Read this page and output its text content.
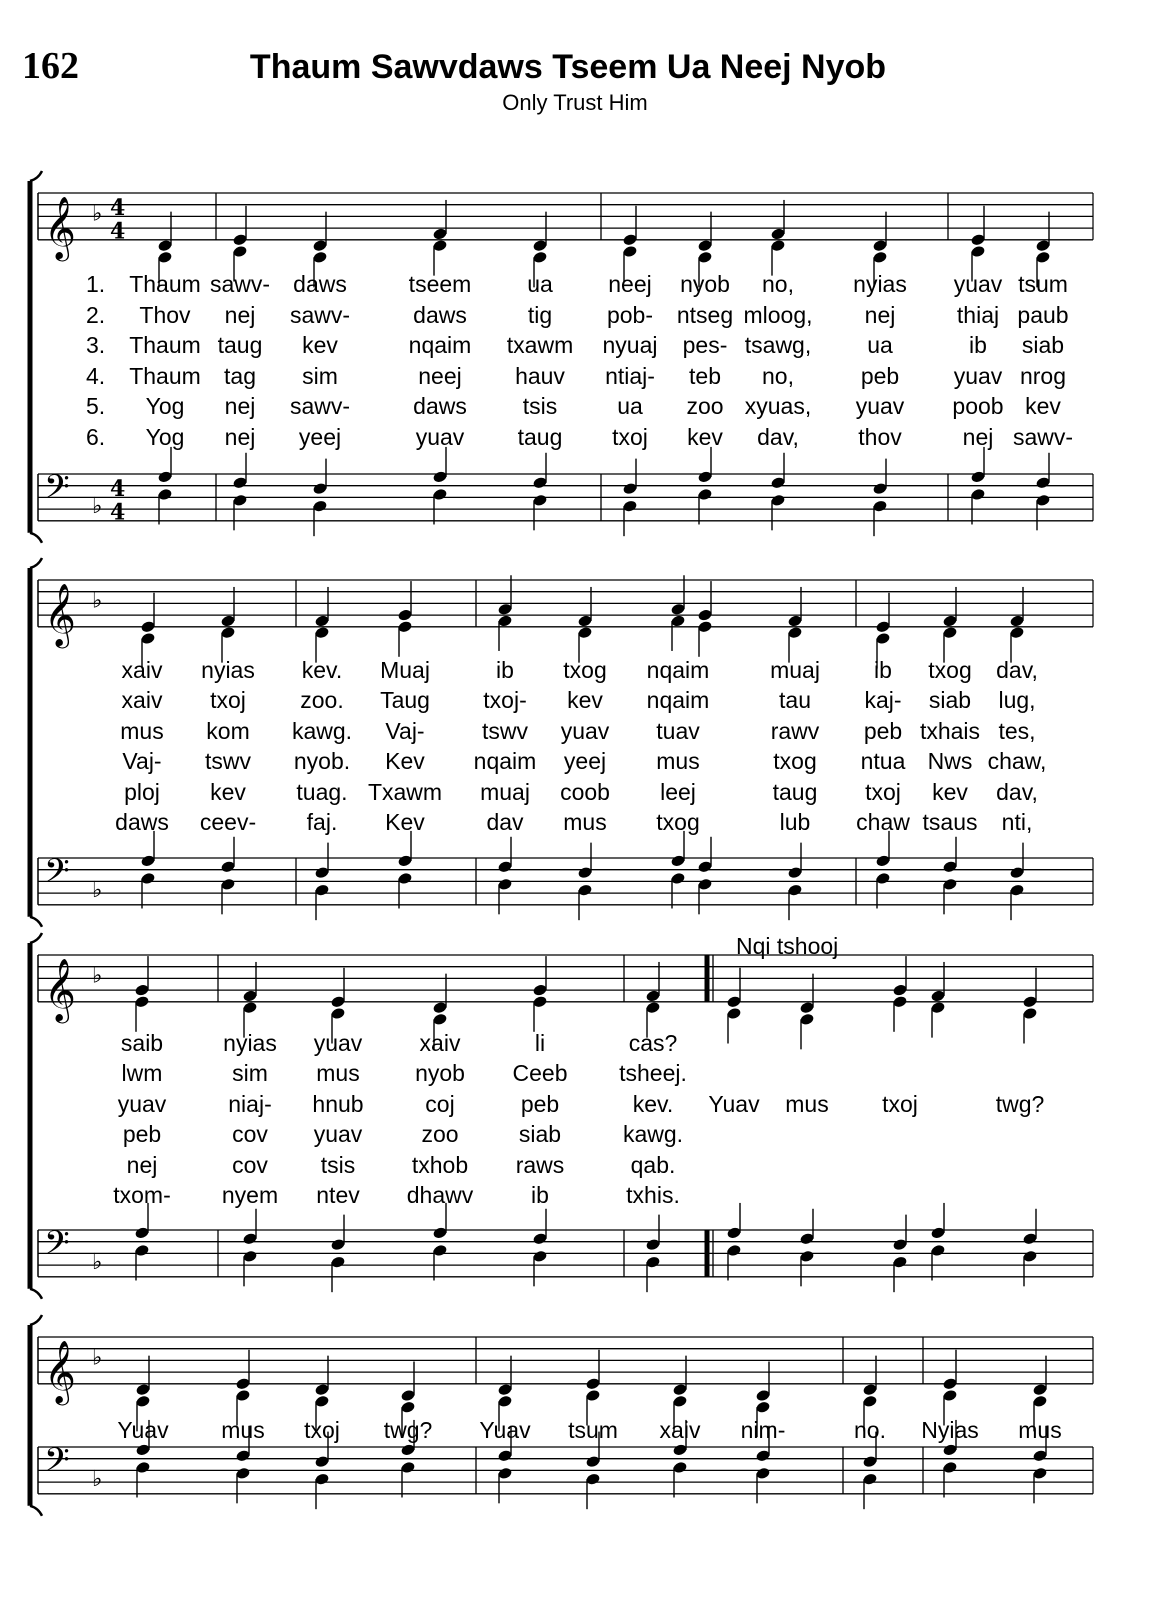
162	Thaum Sawvdaws Tseem Ua Neej Nyob
Only Trust Him
𝄞 ♭ 4
4
𝄢 ♭
4
4
1.
2.
3.
4.
5.
6.
Thaum sawv- daws	tseem ua neej nyob no,	nyias yuav tsum
Thov nej sawv-	daws	tig pob- ntseg mloog, nej	thiaj paub
Thaum taug kev	nqaim txawm nyuaj pes- tsawg, ua	ib siab
Thaum tag sim	neej hauv ntiaj- teb no,	peb yuav nrog
Yog nej sawv-	daws tsis	ua zoo xyuas, yuav poob kev
Yog nej yeej	yuav taug txoj kev dav,	thov	nej sawv-
𝄞 ♭
𝄢 ♭
xaiv nyias kev. Muaj	ib txog nqaim	muaj ib txog dav,
xaiv txoj zoo. Taug txoj- kev nqaim	tau kaj- siab lug,
mus kom kawg. Vaj- tswv yuav tuav	rawv peb txhais tes,
Vaj- tswv nyob. Kev nqaim yeej mus	txog ntua Nws chaw,
ploj kev tuag. Txawm muaj coob leej	taug txoj kev dav,
daws ceev- faj. Kev	dav mus txog	lub chaw tsaus nti,
𝄞 ♭
𝄢 ♭
Nqi tshooj
saib	nyias yuav xaiv	li	cas?
lwm	sim mus nyob Ceeb tsheej.
yuav	niaj- hnub	coj	peb	kev. Yuav mus txoj	twg?
peb	cov yuav	zoo	siab	kawg.
nej	cov tsis txhob raws	qab.
txom- nyem ntev dhawv	ib	txhis.
𝄞 ♭
𝄢 ♭
Yuav mus txoj twg? Yuav tsum xaiv nim-	no. Nyias mus
